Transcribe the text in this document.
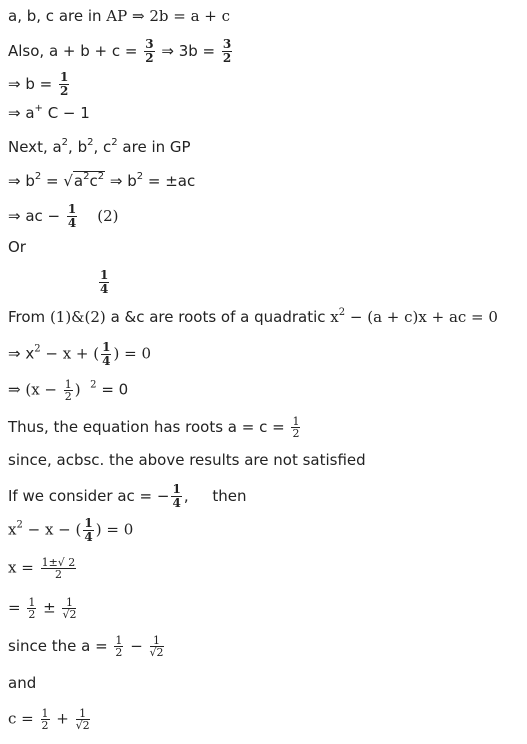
a, b, c are in AP ⇒ 2b = a + c
Also, $a + b + c = \frac{3}{2}$ ⇒ $3b = \frac{3}{2}$
⇒ $b = \frac{1}{2}$
⇒ a+ C − 1
Next, $a^2$, $b^2$, $c^2$ are in GP
⇒ $b^2 = √a^2c^2$ ⇒ $b^2 = \pm ac$
⇒ ac − $\frac{1}{4} (2)$
Or
$\frac{1}{4}$
From (1)&(2) a &c are roots of a quadratic $x^2 - (a + c)x$ + ac = 0
⇒ $x^2 - x$ + ( $\frac{1}{4}$ ) = 0
⇒ ($x - \frac{1}{2}$ ) $^2$ = 0
Thus, the equation has roots $a = c = \frac{1}{2}$
since, acbsc. the above results are not satisfied
If we consider ac = − $\frac{1}{4}$ ,     then
$x^2 - x$ − ( $\frac{1}{4}$ ) = 0
$x = \frac{1\pm√ 2}{2}$
= $\frac{1}{2} \pm \frac{1}{√2}$
since the $a = \frac{1}{2} - \frac{1}{√2}$
and
$c = \frac{1}{2} + \frac{1}{√2}$
